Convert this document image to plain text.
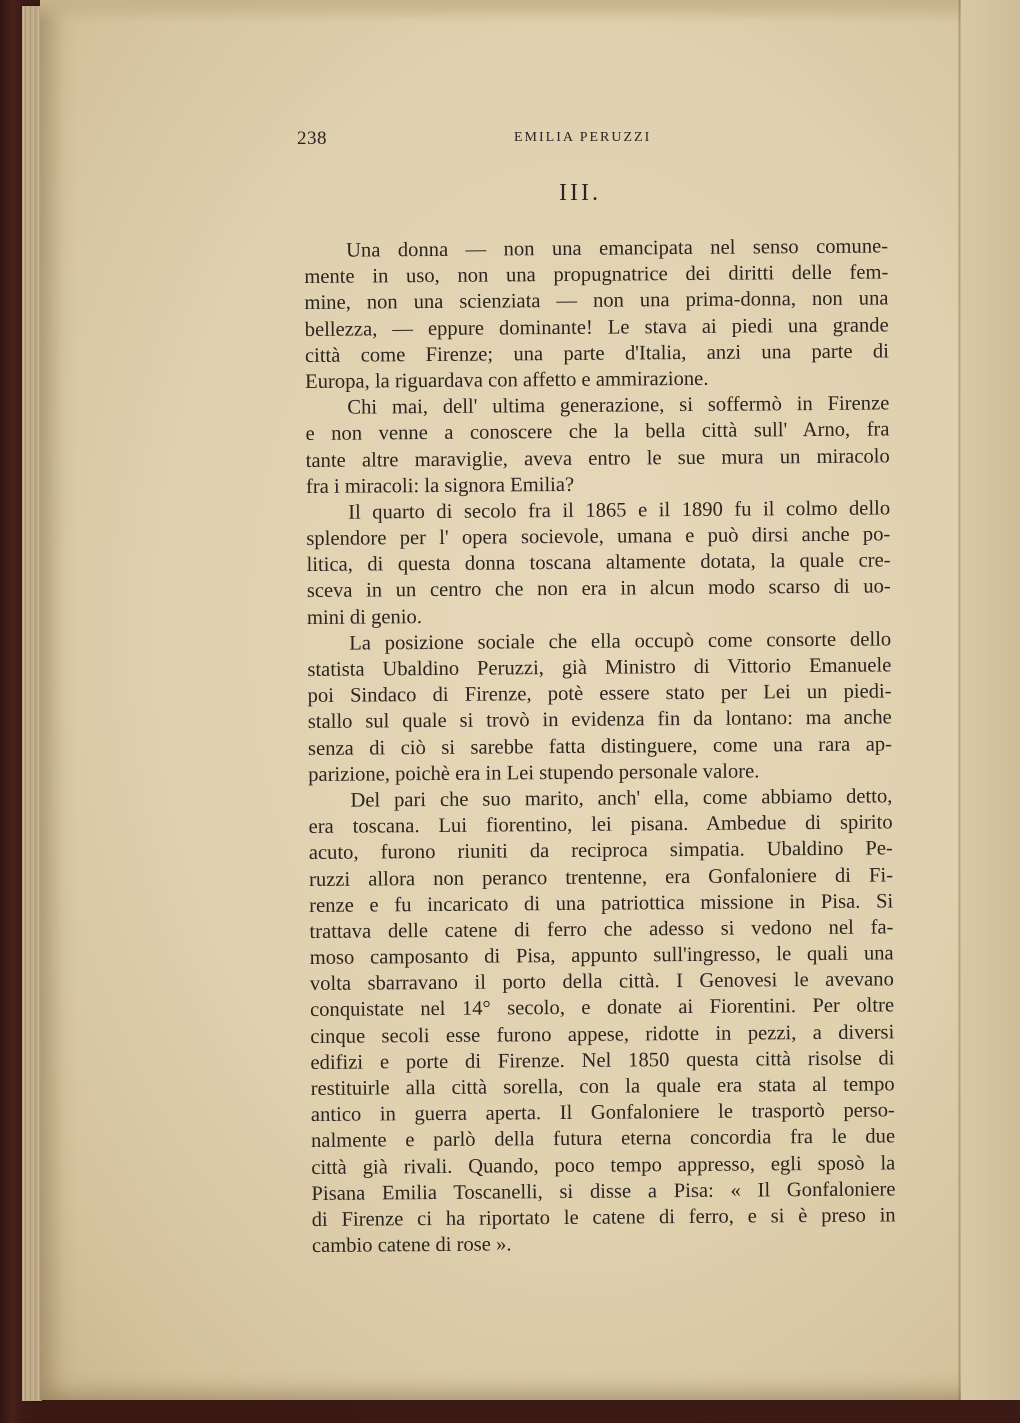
238	EMILIA PERUZZI
III.
Una donna — non una emancipata nel senso comune-
mente in uso, non una propugnatrice dei diritti delle fem-
mine, non una scienziata — non una prima-donna, non una
bellezza, — eppure dominante! Le stava ai piedi una grande
città come Firenze; una parte d'Italia, anzi una parte di
Europa, la riguardava con affetto e ammirazione.
Chi mai, dell' ultima generazione, si soffermò in Firenze
e non venne a conoscere che la bella città sull' Arno, fra
tante altre maraviglie, aveva entro le sue mura un miracolo
fra i miracoli: la signora Emilia?
Il quarto di secolo fra il 1865 e il 1890 fu il colmo dello
splendore per l' opera socievole, umana e può dirsi anche po-
litica, di questa donna toscana altamente dotata, la quale cre-
sceva in un centro che non era in alcun modo scarso di uo-
mini di genio.
La posizione sociale che ella occupò come consorte dello
statista Ubaldino Peruzzi, già Ministro di Vittorio Emanuele
poi Sindaco di Firenze, potè essere stato per Lei un piedi-
stallo sul quale si trovò in evidenza fin da lontano: ma anche
senza di ciò si sarebbe fatta distinguere, come una rara ap-
parizione, poichè era in Lei stupendo personale valore.
Del pari che suo marito, anch' ella, come abbiamo detto,
era toscana. Lui fiorentino, lei pisana. Ambedue di spirito
acuto, furono riuniti da reciproca simpatia. Ubaldino Pe-
ruzzi allora non peranco trentenne, era Gonfaloniere di Fi-
renze e fu incaricato di una patriottica missione in Pisa. Si
trattava delle catene di ferro che adesso si vedono nel fa-
moso camposanto di Pisa, appunto sull'ingresso, le quali una
volta sbarravano il porto della città. I Genovesi le avevano
conquistate nel 14° secolo, e donate ai Fiorentini. Per oltre
cinque secoli esse furono appese, ridotte in pezzi, a diversi
edifizi e porte di Firenze. Nel 1850 questa città risolse di
restituirle alla città sorella, con la quale era stata al tempo
antico in guerra aperta. Il Gonfaloniere le trasportò perso-
nalmente e parlò della futura eterna concordia fra le due
città già rivali. Quando, poco tempo appresso, egli sposò la
Pisana Emilia Toscanelli, si disse a Pisa: « Il Gonfaloniere
di Firenze ci ha riportato le catene di ferro, e si è preso in
cambio catene di rose ».
